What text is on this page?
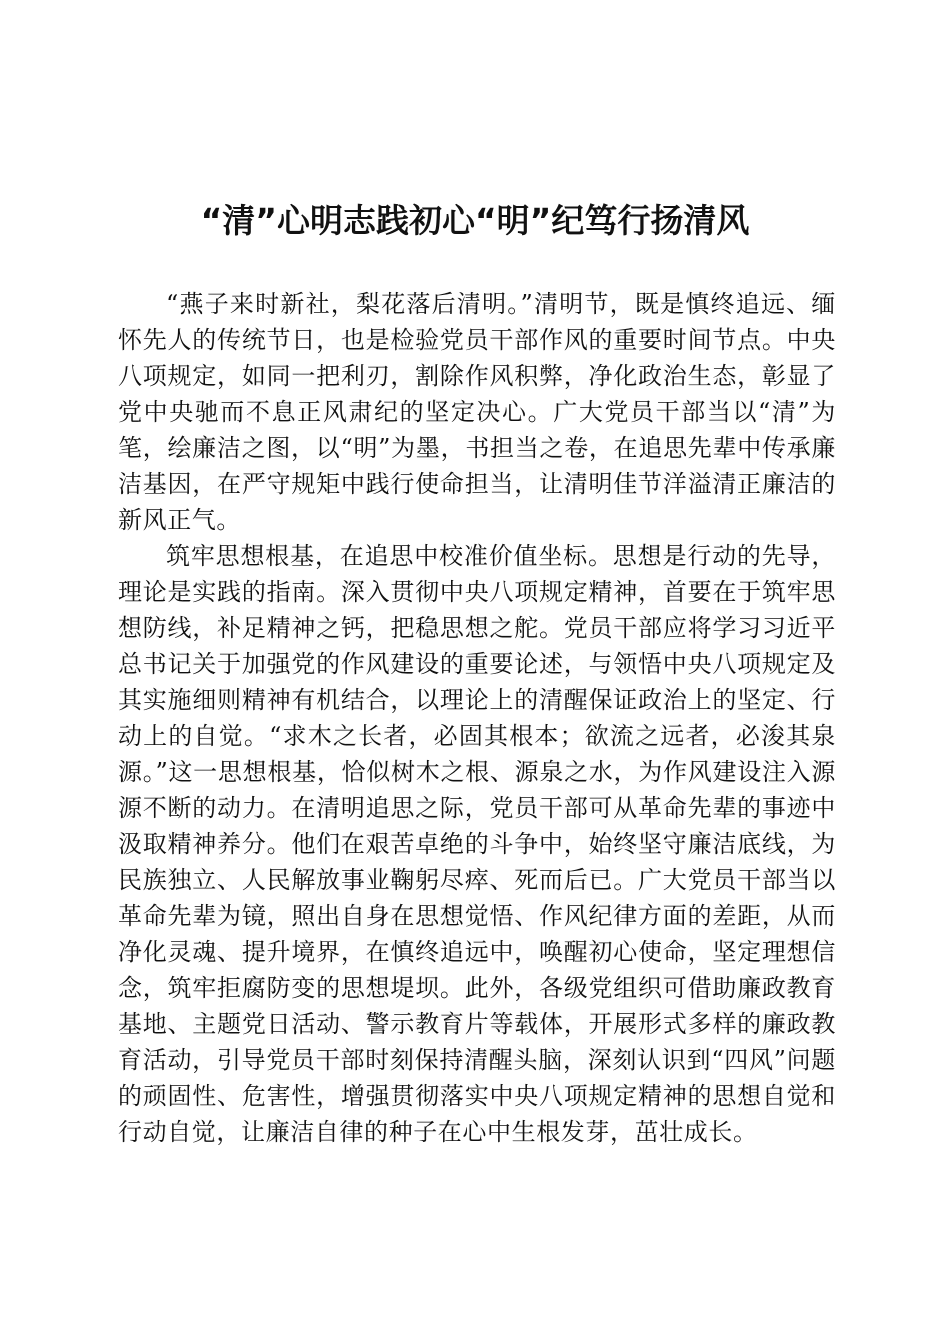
“清”心明志践初心“明”纪笃行扬清风

“燕子来时新社，梨花落后清明。”清明节，既是慎终追远、缅怀先人的传统节日，也是检验党员干部作风的重要时间节点。中央八项规定，如同一把利刃，割除作风积弊，净化政治生态，彰显了党中央驰而不息正风肃纪的坚定决心。广大党员干部当以“清”为笔，绘廉洁之图，以“明”为墨，书担当之卷，在追思先辈中传承廉洁基因，在严守规矩中践行使命担当，让清明佳节洋溢清正廉洁的新风正气。

筑牢思想根基，在追思中校准价值坐标。思想是行动的先导，理论是实践的指南。深入贯彻中央八项规定精神，首要在于筑牢思想防线，补足精神之钙，把稳思想之舵。党员干部应将学习习近平总书记关于加强党的作风建设的重要论述，与领悟中央八项规定及其实施细则精神有机结合，以理论上的清醒保证政治上的坚定、行动上的自觉。“求木之长者，必固其根本；欲流之远者，必浚其泉源。”这一思想根基，恰似树木之根、源泉之水，为作风建设注入源源不断的动力。在清明追思之际，党员干部可从革命先辈的事迹中汲取精神养分。他们在艰苦卓绝的斗争中，始终坚守廉洁底线，为民族独立、人民解放事业鞠躬尽瘁、死而后已。广大党员干部当以革命先辈为镜，照出自身在思想觉悟、作风纪律方面的差距，从而净化灵魂、提升境界，在慎终追远中，唤醒初心使命，坚定理想信念，筑牢拒腐防变的思想堤坝。此外，各级党组织可借助廉政教育基地、主题党日活动、警示教育片等载体，开展形式多样的廉政教育活动，引导党员干部时刻保持清醒头脑，深刻认识到“四风”问题的顽固性、危害性，增强贯彻落实中央八项规定精神的思想自觉和行动自觉，让廉洁自律的种子在心中生根发芽，茁壮成长。
